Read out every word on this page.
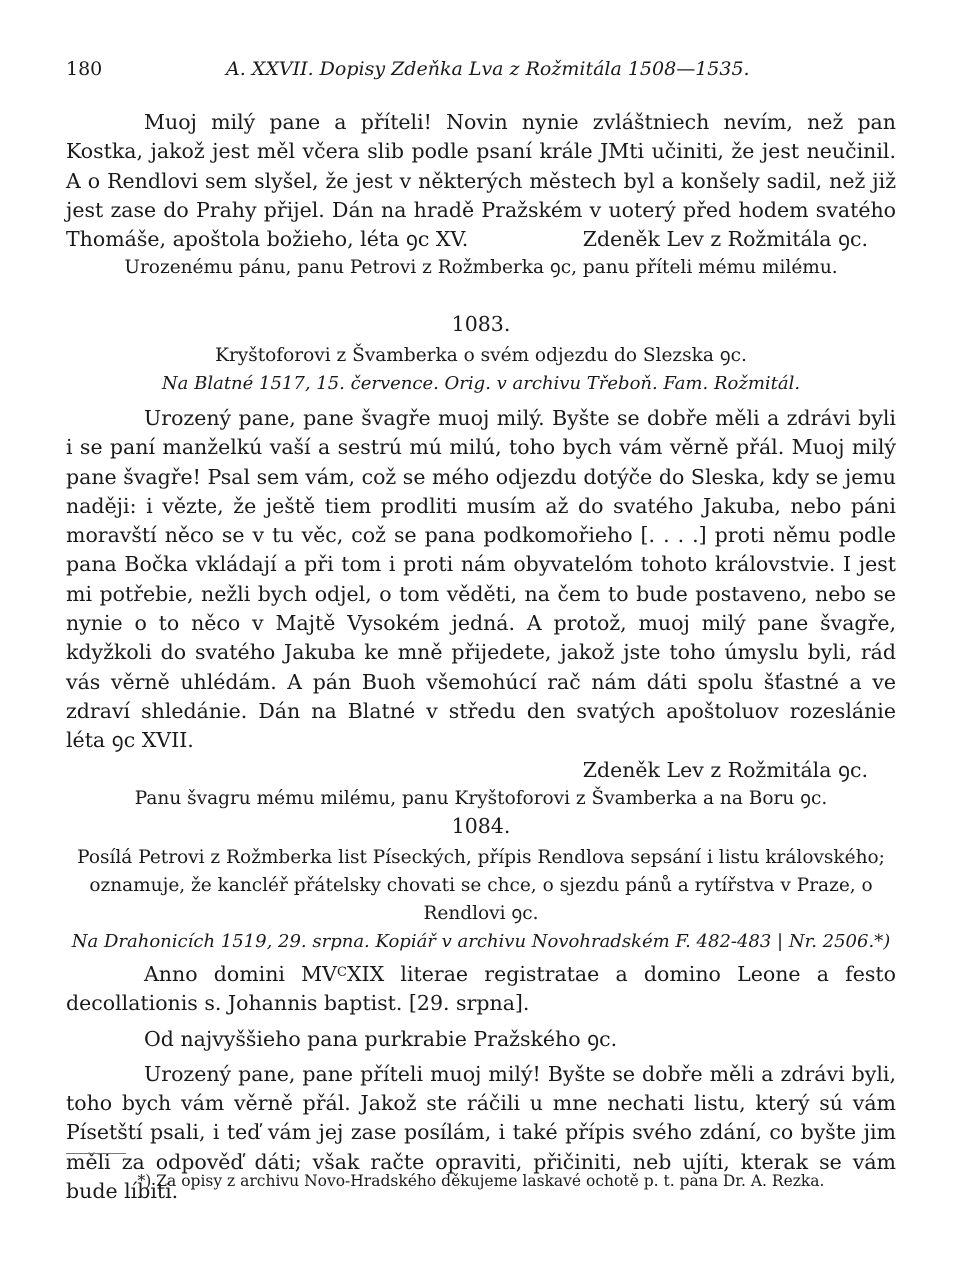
180	A. XXVII. Dopisy Zdeňka Lva z Rožmitála 1508—1535.

Muoj milý pane a příteli! Novin nynie zvláštniech nevím, než pan Kostka, jakož jest měl včera slib podle psaní krále JMti učiniti, že jest neučinil. A o Rendlovi sem slyšel, že jest v některých městech byl a konšely sadil, než již jest zase do Prahy přijel. Dán na hradě Pražském v uoterý před hodem svatého Thomáše, apoštola božieho, léta ꝯc XV.	Zdeněk Lev z Rožmitála ꝯc.

Urozenému pánu, panu Petrovi z Rožmberka ꝯc, panu příteli mému milému.
1083.
Kryštoforovi z Švamberka o svém odjezdu do Slezska ꝯc.
Na Blatné 1517, 15. července. Orig. v archivu Třeboň. Fam. Rožmitál.

Urozený pane, pane švagře muoj milý. Byšte se dobře měli a zdrávi byli i se paní manželkú vaší a sestrú mú milú, toho bych vám věrně přál. Muoj milý pane švagře! Psal sem vám, což se mého odjezdu dotýče do Sleska, kdy se jemu naději: i vězte, že ještě tiem prodliti musím až do svatého Jakuba, nebo páni moravští něco se v tu věc, což se pana podkomořieho [. . . .] proti němu podle pana Bočka vkládají a při tom i proti nám obyvatelóm tohoto královstvie. I jest mi potřebie, nežli bych odjel, o tom věděti, na čem to bude postaveno, nebo se nynie o to něco v Majtě Vysokém jedná. A protož, muoj milý pane švagře, kdyžkoli do svatého Jakuba ke mně přijedete, jakož jste toho úmyslu byli, rád vás věrně uhlédám. A pán Buoh všemohúcí rač nám dáti spolu šťastné a ve zdraví shledánie. Dán na Blatné v středu den svatých apoštoluov rozeslánie léta ꝯc XVII.

Zdeněk Lev z Rožmitála ꝯc.
Panu švagru mému milému, panu Kryštoforovi z Švamberka a na Boru ꝯc.
1084.
Posílá Petrovi z Rožmberka list Píseckých, přípis Rendlova sepsání i listu královského; oznamuje, že kancléř přátelsky chovati se chce, o sjezdu pánů a rytířstva v Praze, o Rendlovi ꝯc.
Na Drahonicích 1519, 29. srpna. Kopiář v archivu Novohradském F. 482-483 | Nr. 2506.*)

Anno domini $MV^CXIX$ literae registratae a domino Leone a festo decollationis s. Johannis baptist. [29. srpna].

Od najvyššieho pana purkrabie Pražského ꝯc.

Urozený pane, pane příteli muoj milý! Byšte se dobře měli a zdrávi byli, toho bych vám věrně přál. Jakož ste ráčili u mne nechati listu, který sú vám Písetští psali, i teď vám jej zase posílám, i také přípis svého zdání, co byšte jim měli za odpověď dáti; však račte opraviti, přičiniti, neb ujíti, kterak se vám bude líbiti.

*) Za opisy z archivu Novo-Hradského děkujeme laskavé ochotě p. t. pana Dr. A. Rezka.
